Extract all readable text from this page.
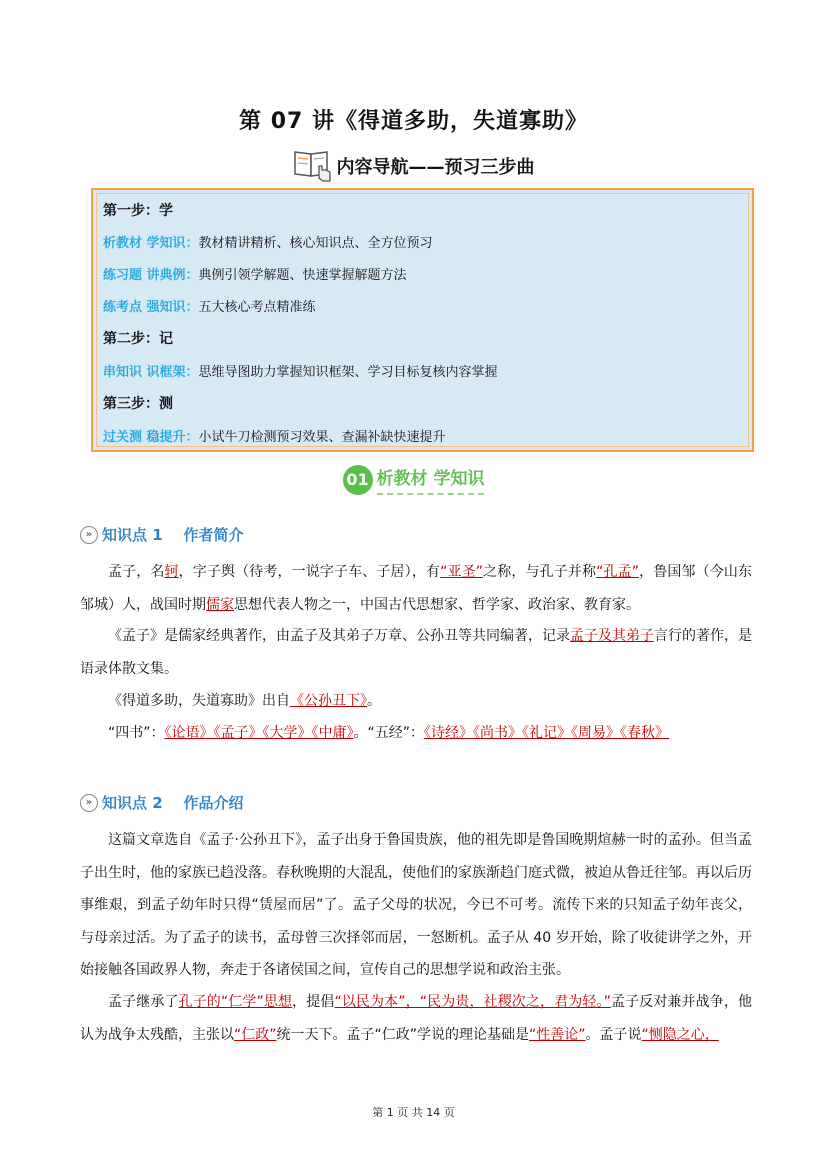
第 07 讲《得道多助，失道寡助》
内容导航——预习三步曲
第一步：学
析教材 学知识：教材精讲精析、核心知识点、全方位预习
练习题 讲典例：典例引领学解题、快速掌握解题方法
练考点 强知识：五大核心考点精准练
第二步：记
串知识 识框架：思维导图助力掌握知识框架、学习目标复核内容掌握
第三步：测
过关测 稳提升：小试牛刀检测预习效果、查漏补缺快速提升
01 析教材 学知识
» 知识点 1    作者简介
孟子，名轲，字子舆（待考，一说字子车、子居），有“亚圣”之称，与孔子并称“孔孟”，鲁国邹（今山东邹城）人，战国时期儒家思想代表人物之一，中国古代思想家、哲学家、政治家、教育家。
《孟子》是儒家经典著作，由孟子及其弟子万章、公孙丑等共同编著，记录孟子及其弟子言行的著作，是语录体散文集。
《得道多助，失道寡助》出自《公孙丑下》。
“四书”：《论语》《孟子》《大学》《中庸》。“五经”：《诗经》《尚书》《礼记》《周易》《春秋》
» 知识点 2    作品介绍
这篇文章选自《孟子·公孙丑下》，孟子出身于鲁国贵族，他的祖先即是鲁国晚期煊赫一时的孟孙。但当孟子出生时，他的家族已趋没落。春秋晚期的大混乱，使他们的家族渐趋门庭式微，被迫从鲁迁往邹。再以后历事维艰，到孟子幼年时只得“赁屋而居”了。孟子父母的状况，今已不可考。流传下来的只知孟子幼年丧父，与母亲过活。为了孟子的读书，孟母曾三次择邻而居，一怒断机。孟子从 40 岁开始，除了收徒讲学之外，开始接触各国政界人物，奔走于各诸侯国之间，宣传自己的思想学说和政治主张。
孟子继承了孔子的“仁学”思想，提倡“以民为本”，“民为贵，社稷次之，君为轻。”孟子反对兼并战争，他认为战争太残酷，主张以“仁政”统一天下。孟子“仁政”学说的理论基础是“性善论”。孟子说“恻隐之心，
第 1 页 共 14 页
